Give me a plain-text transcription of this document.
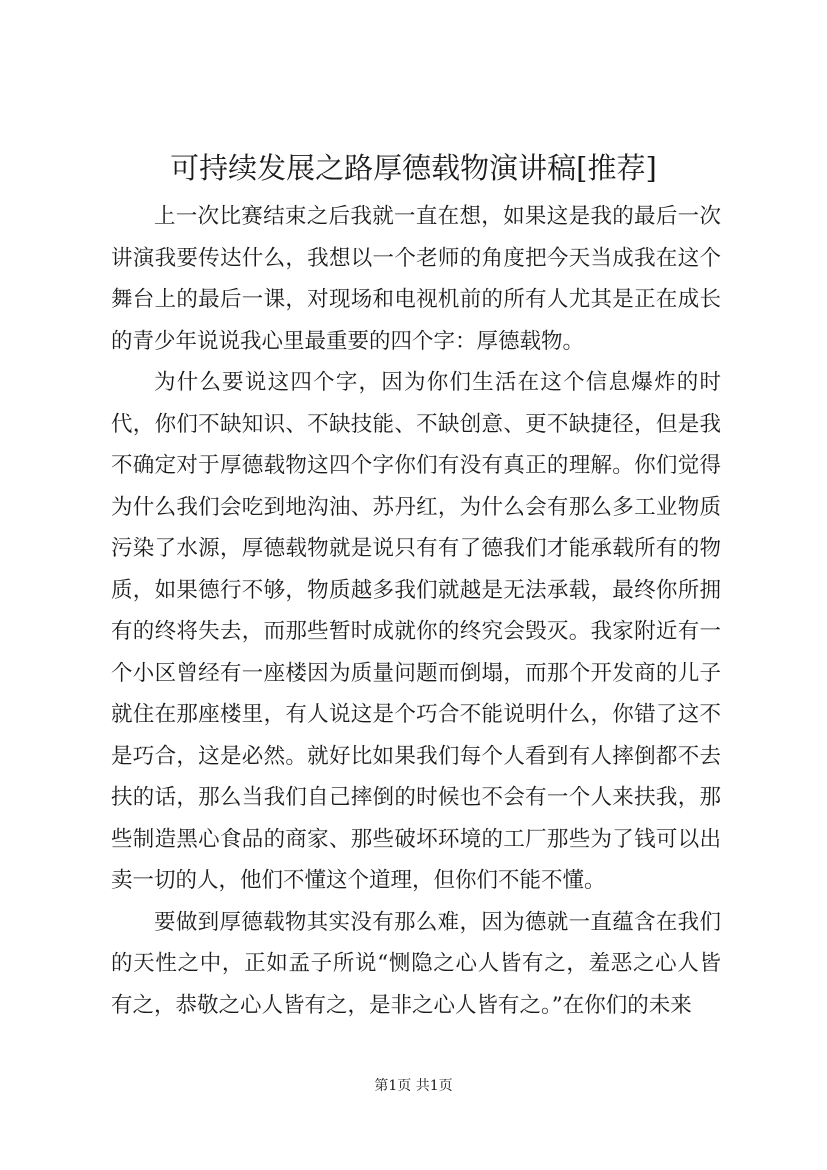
可持续发展之路厚德载物演讲稿[推荐]

上一次比赛结束之后我就一直在想，如果这是我的最后一次讲演我要传达什么，我想以一个老师的角度把今天当成我在这个舞台上的最后一课，对现场和电视机前的所有人尤其是正在成长的青少年说说我心里最重要的四个字：厚德载物。

为什么要说这四个字，因为你们生活在这个信息爆炸的时代，你们不缺知识、不缺技能、不缺创意、更不缺捷径，但是我不确定对于厚德载物这四个字你们有没有真正的理解。你们觉得为什么我们会吃到地沟油、苏丹红，为什么会有那么多工业物质污染了水源，厚德载物就是说只有有了德我们才能承载所有的物质，如果德行不够，物质越多我们就越是无法承载，最终你所拥有的终将失去，而那些暂时成就你的终究会毁灭。我家附近有一个小区曾经有一座楼因为质量问题而倒塌，而那个开发商的儿子就住在那座楼里，有人说这是个巧合不能说明什么，你错了这不是巧合，这是必然。就好比如果我们每个人看到有人摔倒都不去扶的话，那么当我们自己摔倒的时候也不会有一个人来扶我，那些制造黑心食品的商家、那些破坏环境的工厂那些为了钱可以出卖一切的人，他们不懂这个道理，但你们不能不懂。

要做到厚德载物其实没有那么难，因为德就一直蕴含在我们的天性之中，正如孟子所说“恻隐之心人皆有之，羞恶之心人皆有之，恭敬之心人皆有之，是非之心人皆有之。”在你们的未来

第1页 共1页
